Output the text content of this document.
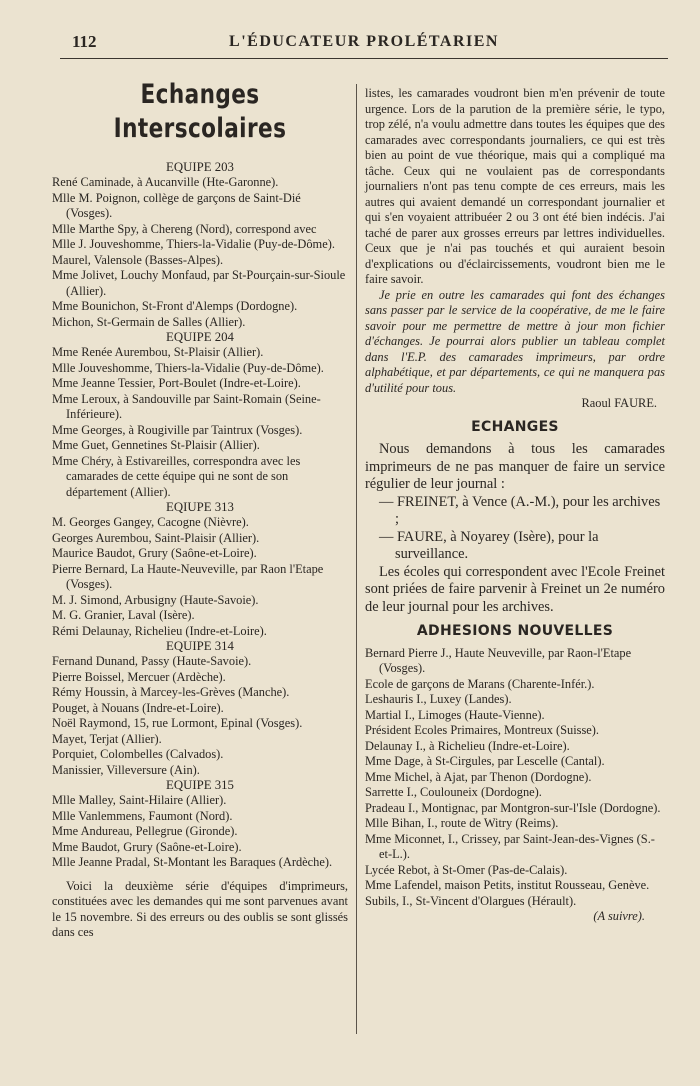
112	L'ÉDUCATEUR PROLÉTARIEN
Echanges Interscolaires

EQUIPE 203

René Caminade, à Aucanville (Hte-Garonne).

Mlle M. Poignon, collège de garçons de Saint-Dié (Vosges).

Mlle Marthe Spy, à Chereng (Nord), correspond avec

Mlle J. Jouveshomme, Thiers-la-Vidalie (Puy-de-Dôme).

Maurel, Valensole (Basses-Alpes).

Mme Jolivet, Louchy Monfaud, par St-Pourçain-sur-Sioule (Allier).

Mme Bounichon, St-Front d'Alemps (Dordogne).

Michon, St-Germain de Salles (Allier).

EQUIPE 204

Mme Renée Aurembou, St-Plaisir (Allier).

Mlle Jouveshomme, Thiers-la-Vidalie (Puy-de-Dôme).

Mme Jeanne Tessier, Port-Boulet (Indre-et-Loire).

Mme Leroux, à Sandouville par Saint-Romain (Seine-Inférieure).

Mme Georges, à Rougiville par Taintrux (Vosges).

Mme Guet, Gennetines St-Plaisir (Allier).

Mme Chéry, à Estivareilles, correspondra avec les camarades de cette équipe qui ne sont de son département (Allier).

EQIUPE 313

M. Georges Gangey, Cacogne (Nièvre).

Georges Aurembou, Saint-Plaisir (Allier).

Maurice Baudot, Grury (Saône-et-Loire).

Pierre Bernard, La Haute-Neuveville, par Raon l'Etape (Vosges).

M. J. Simond, Arbusigny (Haute-Savoie).

M. G. Granier, Laval (Isère).

Rémi Delaunay, Richelieu (Indre-et-Loire).

EQUIPE 314

Fernand Dunand, Passy (Haute-Savoie).

Pierre Boissel, Mercuer (Ardèche).

Rémy Houssin, à Marcey-les-Grèves (Manche).

Pouget, à Nouans (Indre-et-Loire).

Noël Raymond, 15, rue Lormont, Epinal (Vosges).

Mayet, Terjat (Allier).

Porquiet, Colombelles (Calvados).

Manissier, Villeversure (Ain).

EQUIPE 315

Mlle Malley, Saint-Hilaire (Allier).

Mlle Vanlemmens, Faumont (Nord).

Mme Andureau, Pellegrue (Gironde).

Mme Baudot, Grury (Saône-et-Loire).

Mlle Jeanne Pradal, St-Montant les Baraques (Ardèche).

Voici la deuxième série d'équipes d'imprimeurs, constituées avec les demandes qui me sont parvenues avant le 15 novembre. Si des erreurs ou des oublis se sont glissés dans ces

listes, les camarades voudront bien m'en prévenir de toute urgence. Lors de la parution de la première série, le typo, trop zélé, n'a voulu admettre dans toutes les équipes que des camarades avec correspondants journaliers, ce qui est très bien au point de vue théorique, mais qui a compliqué ma tâche. Ceux qui ne voulaient pas de correspondants journaliers n'ont pas tenu compte de ces erreurs, mais les autres qui avaient demandé un correspondant journalier et qui s'en voyaient attribuéer 2 ou 3 ont été bien indécis. J'ai taché de parer aux grosses erreurs par lettres individuelles. Ceux que je n'ai pas touchés et qui auraient besoin d'explications ou d'éclaircissements, voudront bien me le faire savoir.

Je prie en outre les camarades qui font des échanges sans passer par le service de la coopérative, de me le faire savoir pour me permettre de mettre à jour mon fichier d'échanges. Je pourrai alors publier un tableau complet dans l'E.P. des camarades imprimeurs, par ordre alphabétique, et par départements, ce qui ne manquera pas d'utilité pour tous.

Raoul FAURE.

ECHANGES

Nous demandons à tous les camarades imprimeurs de ne pas manquer de faire un service régulier de leur journal :

— FREINET, à Vence (A.-M.), pour les archives ;

— FAURE, à Noyarey (Isère), pour la surveillance.

Les écoles qui correspondent avec l'Ecole Freinet sont priées de faire parvenir à Freinet un 2e numéro de leur journal pour les archives.

ADHESIONS NOUVELLES

Bernard Pierre J., Haute Neuveville, par Raon-l'Etape (Vosges).

Ecole de garçons de Marans (Charente-Infér.).

Leshauris I., Luxey (Landes).

Martial I., Limoges (Haute-Vienne).

Président Ecoles Primaires, Montreux (Suisse).

Delaunay I., à Richelieu (Indre-et-Loire).

Mme Dage, à St-Cirgules, par Lescelle (Cantal).

Mme Michel, à Ajat, par Thenon (Dordogne).

Sarrette I., Coulouneix (Dordogne).

Pradeau I., Montignac, par Montgron-sur-l'Isle (Dordogne).

Mlle Bihan, I., route de Witry (Reims).

Mme Miconnet, I., Crissey, par Saint-Jean-des-Vignes (S.-et-L.).

Lycée Rebot, à St-Omer (Pas-de-Calais).

Mme Lafendel, maison Petits, institut Rousseau, Genève.

Subils, I., St-Vincent d'Olargues (Hérault).

(A suivre).
